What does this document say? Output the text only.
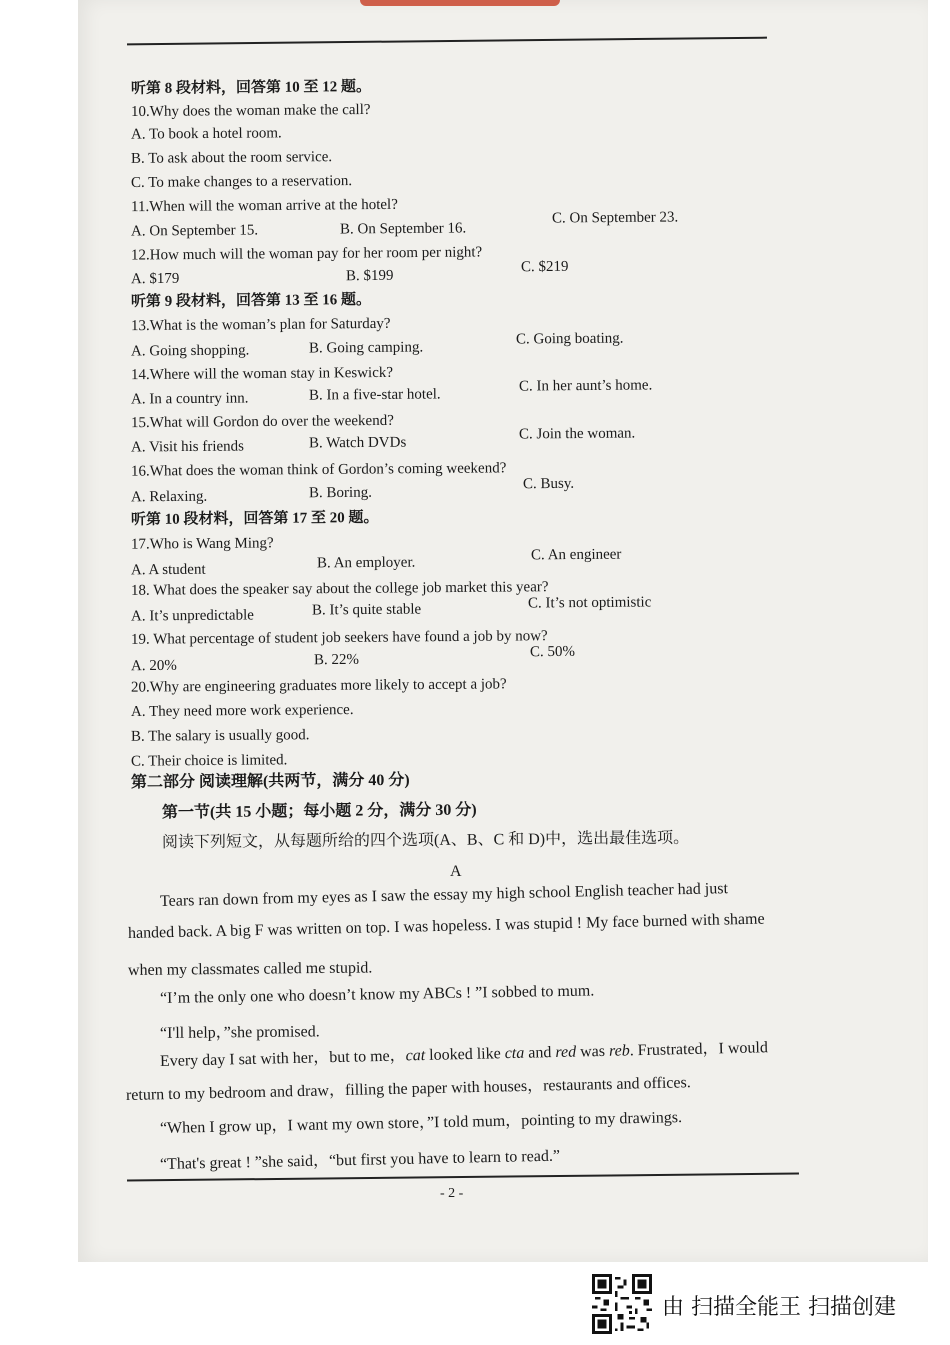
听第 8 段材料，回答第 10 至 12 题。
10.Why does the woman make the call?
A. To book a hotel room.
B. To ask about the room service.
C. To make changes to a reservation.
11.When will the woman arrive at the hotel?
A. On September 15.	B. On September 16.
C. On September 23.
12.How much will the woman pay for her room per night?
A. $179	B. $199
C. $219
听第 9 段材料，回答第 13 至 16 题。
13.What is the woman’s plan for Saturday?
A. Going shopping.	B. Going camping.
C. Going boating.
14.Where will the woman stay in Keswick?
A. In a country inn.	B. In a five-star hotel.
C. In her aunt’s home.
15.What will Gordon do over the weekend?
A. Visit his friends	B. Watch DVDs
C. Join the woman.
16.What does the woman think of Gordon’s coming weekend?
A. Relaxing.	B. Boring.
C. Busy.
听第 10 段材料，回答第 17 至 20 题。
17.Who is Wang Ming?
A. A student	B. An employer.	C. An engineer
18. What does the speaker say about the college job market this year?
A. It’s unpredictable	B. It’s quite stable	C. It’s not optimistic
19. What percentage of student job seekers have found a job by now?
A. 20%	B. 22%	C. 50%
20.Why are engineering graduates more likely to accept a job?
A. They need more work experience.
B. The salary is usually good.
C. Their choice is limited.
第二部分 阅读理解(共两节，满分 40 分)
第一节(共 15 小题；每小题 2 分，满分 30 分)
阅读下列短文，从每题所给的四个选项(A、B、C 和 D)中，选出最佳选项。
A
Tears ran down from my eyes as I saw the essay my high school English teacher had just
handed back. A big F was written on top. I was hopeless. I was stupid ! My face burned with shame
when my classmates called me stupid.
“I’m the only one who doesn’t know my ABCs ! ”I sobbed to mum.
“I'll help，”she promised.
Every day I sat with her，but to me，cat looked like cta and red was reb. Frustrated，I would
return to my bedroom and draw，filling the paper with houses，restaurants and offices.
“When I grow up，I want my own store，”I told mum，pointing to my drawings.
“That's great ! ”she said，“but first you have to learn to read.”
- 2 -
由 扫描全能王 扫描创建
